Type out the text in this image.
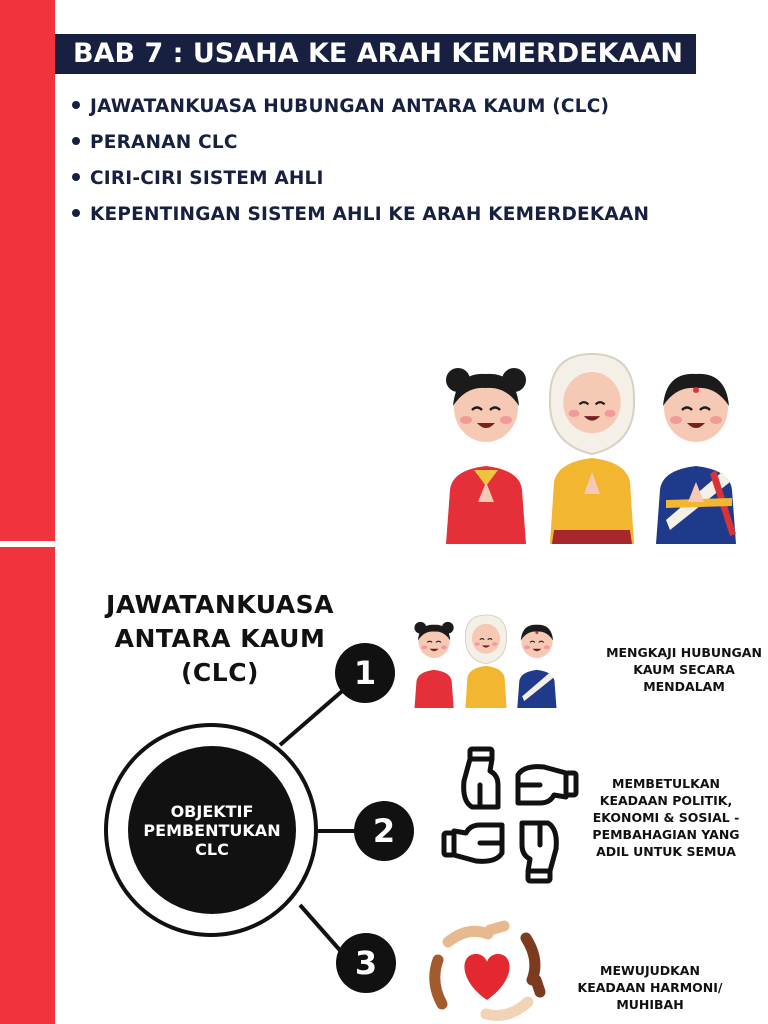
BAB 7 : USAHA KE ARAH KEMERDEKAAN
JAWATANKUASA HUBUNGAN ANTARA KAUM (CLC)
PERANAN CLC
CIRI-CIRI SISTEM AHLI
KEPENTINGAN SISTEM AHLI KE ARAH KEMERDEKAAN
JAWATANKUASA
ANTARA KAUM
(CLC)
OBJEKTIF
PEMBENTUKAN
CLC
1
2
3
MENGKAJI HUBUNGAN
KAUM SECARA
MENDALAM
MEMBETULKAN
KEADAAN POLITIK,
EKONOMI & SOSIAL -
PEMBAHAGIAN YANG
ADIL UNTUK SEMUA
MEWUJUDKAN
KEADAAN HARMONI/
MUHIBAH
